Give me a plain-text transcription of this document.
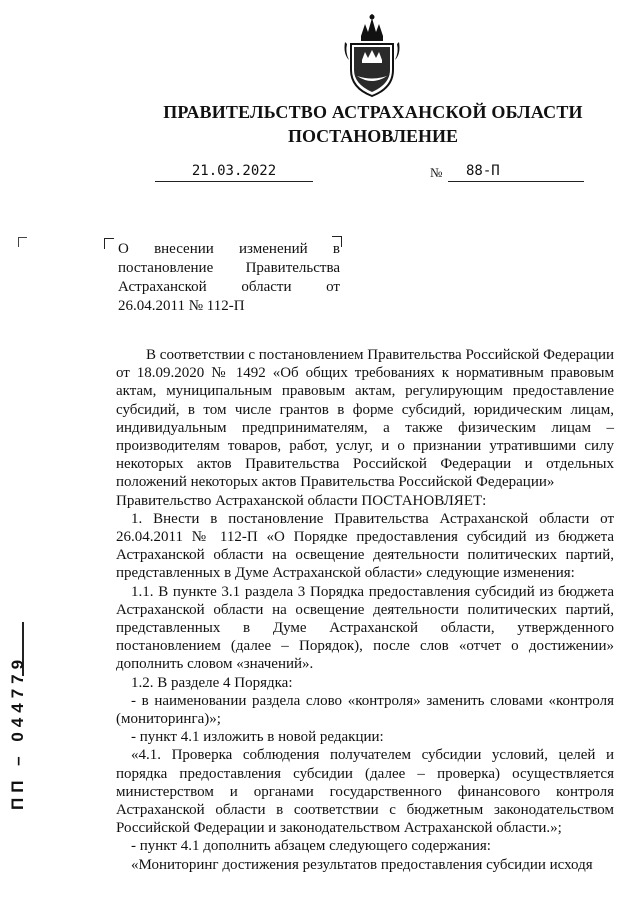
ПРАВИТЕЛЬСТВО АСТРАХАНСКОЙ ОБЛАСТИ
ПОСТАНОВЛЕНИЕ
21.03.2022	№	88-П

О внесении изменений в постановление Правительства Астраханской области от 26.04.2011 № 112-П

В соответствии с постановлением Правительства Российской Федерации от 18.09.2020 № 1492 «Об общих требованиях к нормативным правовым актам, муниципальным правовым актам, регулирующим предоставление субсидий, в том числе грантов в форме субсидий, юридическим лицам, индивидуальным предпринимателям, а также физическим лицам – производителям товаров, работ, услуг, и о признании утратившими силу некоторых актов Правительства Российской Федерации и отдельных положений некоторых актов Правительства Российской Федерации»

Правительство Астраханской области ПОСТАНОВЛЯЕТ:

1. Внести в постановление Правительства Астраханской области от 26.04.2011 № 112-П «О Порядке предоставления субсидий из бюджета Астраханской области на освещение деятельности политических партий, представленных в Думе Астраханской области» следующие изменения:

1.1. В пункте 3.1 раздела 3 Порядка предоставления субсидий из бюджета Астраханской области на освещение деятельности политических партий, представленных в Думе Астраханской области, утвержденного постановлением (далее – Порядок), после слов «отчет о достижении» дополнить словом «значений».

1.2. В разделе 4 Порядка:

- в наименовании раздела слово «контроля» заменить словами «контроля (мониторинга)»;

- пункт 4.1 изложить в новой редакции:

«4.1. Проверка соблюдения получателем субсидии условий, целей и порядка предоставления субсидии (далее – проверка) осуществляется министерством и органами государственного финансового контроля Астраханской области в соответствии с бюджетным законодательством Российской Федерации и законодательством Астраханской области.»;

- пункт 4.1 дополнить абзацем следующего содержания:

«Мониторинг достижения результатов предоставления субсидии исходя

ПП – 044779
